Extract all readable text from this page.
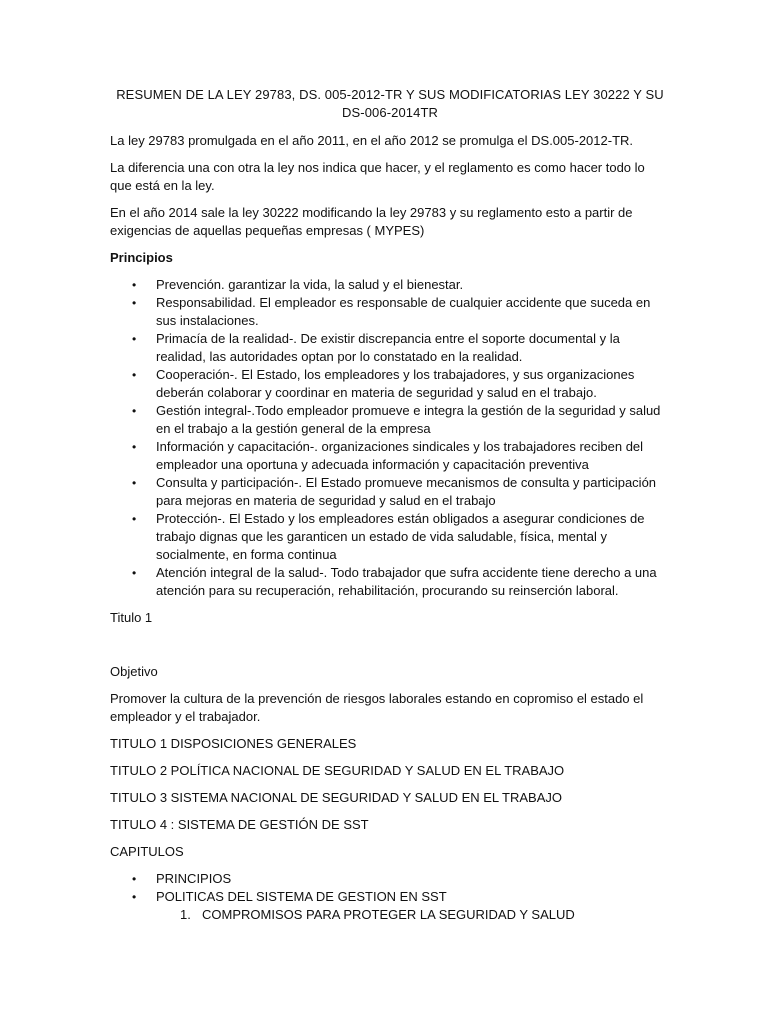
RESUMEN DE LA LEY 29783, DS. 005-2012-TR Y SUS MODIFICATORIAS LEY 30222 Y SU
DS-006-2014TR

La ley 29783 promulgada en el año 2011, en el año 2012 se promulga el DS.005-2012-TR.

La diferencia una con otra la ley nos indica que hacer, y el reglamento es como hacer todo lo que está en la ley.

En el año 2014 sale la ley 30222 modificando la ley 29783 y su reglamento esto a partir de exigencias de aquellas pequeñas empresas ( MYPES)

Principios

• Prevención. garantizar la vida, la salud y el bienestar.
• Responsabilidad. El empleador es responsable de cualquier accidente que suceda en sus instalaciones.
• Primacía de la realidad-. De existir discrepancia entre el soporte documental y la realidad, las autoridades optan por lo constatado en la realidad.
• Cooperación-. El Estado, los empleadores y los trabajadores, y sus organizaciones deberán colaborar y coordinar en materia de seguridad y salud en el trabajo.
• Gestión integral-.Todo empleador promueve e integra la gestión de la seguridad y salud en el trabajo a la gestión general de la empresa
• Información y capacitación-. organizaciones sindicales y los trabajadores reciben del empleador una oportuna y adecuada información y capacitación preventiva
• Consulta y participación-. El Estado promueve mecanismos de consulta y participación para mejoras en materia de seguridad y salud en el trabajo
• Protección-. El Estado y los empleadores están obligados a asegurar condiciones de trabajo dignas que les garanticen un estado de vida saludable, física, mental y socialmente, en forma continua
• Atención integral de la salud-. Todo trabajador que sufra accidente tiene derecho a una atención para su recuperación, rehabilitación, procurando su reinserción laboral.

Titulo 1

Objetivo

Promover la cultura de la prevención de riesgos laborales estando en copromiso el estado el empleador y el trabajador.

TITULO 1 DISPOSICIONES GENERALES

TITULO 2 POLÍTICA NACIONAL DE SEGURIDAD Y SALUD EN EL TRABAJO

TITULO 3 SISTEMA NACIONAL DE SEGURIDAD Y SALUD EN EL TRABAJO

TITULO 4 : SISTEMA DE GESTIÓN DE SST

CAPITULOS

• PRINCIPIOS
• POLITICAS DEL SISTEMA DE GESTION EN SST
1. COMPROMISOS PARA PROTEGER LA SEGURIDAD Y SALUD
